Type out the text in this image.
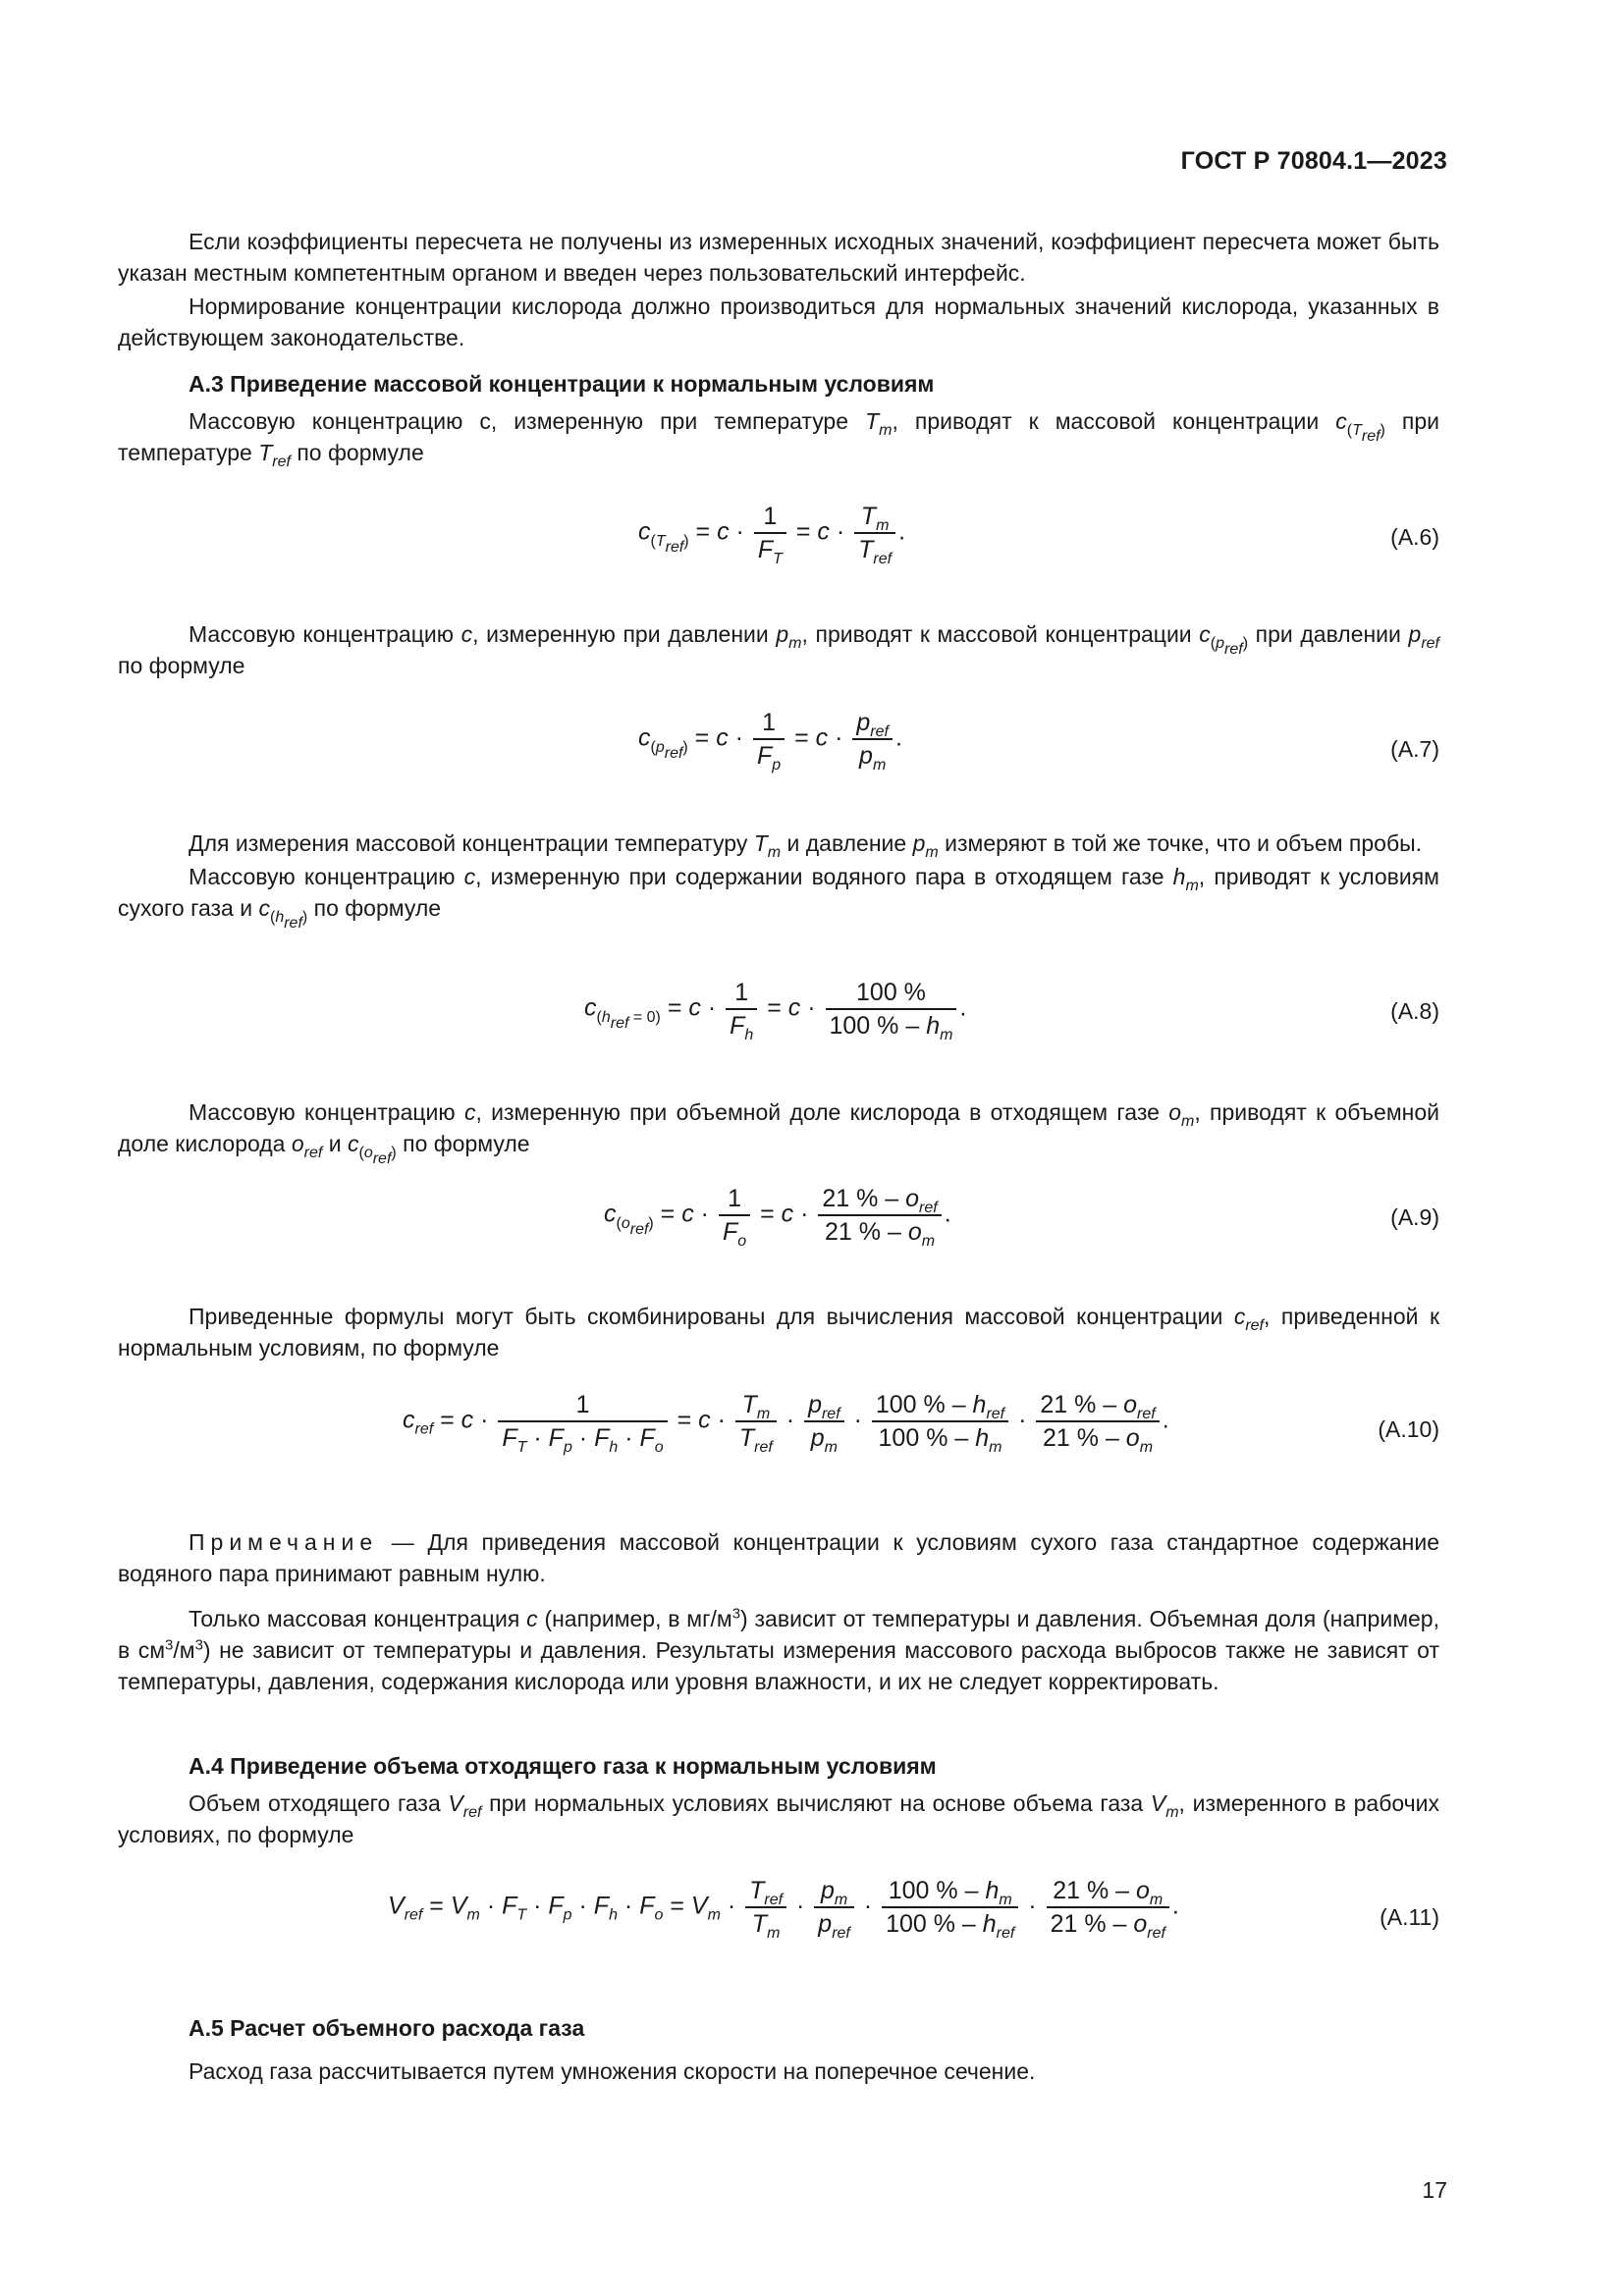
ГОСТ Р 70804.1—2023

Если коэффициенты пересчета не получены из измеренных исходных значений, коэффициент пересчета может быть указан местным компетентным органом и введен через пользовательский интерфейс.

Нормирование концентрации кислорода должно производиться для нормальных значений кислорода, указанных в действующем законодательстве.

А.3 Приведение массовой концентрации к нормальным условиям

Массовую концентрацию с, измеренную при температуре $T_m$, приводят к массовой концентрации $c_{(T_{ref})}$ при температуре $T_{ref}$ по формуле

$c_{(T_{ref})} = c \cdot \frac{1}{F_T} = c$ ·
$T_m$
$T_{ref}$
.	(А.6)

Массовую концентрацию c, измеренную при давлении $p_m$, приводят к массовой концентрации $c_{(p_{ref})}$ при давлении $p_{ref}$ по формуле

$c_{(p_{ref})} = c \cdot \frac{1}{F_p} = c$ ·
$p_{ref}$
$p_m$
.	(А.7)

Для измерения массовой концентрации температуру $T_m$ и давление $p_m$ измеряют в той же точке, что и объем пробы.

Массовую концентрацию c, измеренную при содержании водяного пара в отходящем газе $h_m$, приводят к условиям сухого газа и $c_{(h_{ref})}$ по формуле

$c_{(h_{ref} = 0)} = c \cdot \frac{1}{F_h} = c \cdot \frac{100 \%}{100 \% - h_m}$ .	(А.8)

Массовую концентрацию c, измеренную при объемной доле кислорода в отходящем газе $o_m$, приводят к объемной доле кислорода $o_{ref}$ и $c_{(o_{ref})}$ по формуле

$c_{(o_{ref})} = c \cdot \frac{1}{F_o} = c$ ·
21 % – $o_{ref}$
21 % – $o_m$
.	(А.9)

Приведенные формулы могут быть скомбинированы для вычисления массовой концентрации $c_{ref}$, приведенной к нормальным условиям, по формуле

$c_{ref} = c \cdot \frac{1}{F_T \cdot F_p \cdot F_h \cdot F_o} = c$ ·
$T_m$
$T_{ref}$
·
$p_{ref}$
$p_m$
·
100 % – $h_{ref}$
100 % – $h_m$
·
21 % – $o_{ref}$
21 % – $o_m$
.	(А.10)

Примечание — Для приведения массовой концентрации к условиям сухого газа стандартное содержание водяного пара принимают равным нулю.

Только массовая концентрация c (например, в $мг/м^3$) зависит от температуры и давления. Объемная доля (например, в $см^3/м^3$) не зависит от температуры и давления. Результаты измерения массового расхода выбросов также не зависят от температуры, давления, содержания кислорода или уровня влажности, и их не следует корректировать.

А.4 Приведение объема отходящего газа к нормальным условиям

Объем отходящего газа $V_{ref}$ при нормальных условиях вычисляют на основе объема газа $V_m$, измеренного в рабочих условиях, по формуле

$V_{ref} = V_m \cdot F_T \cdot F_p \cdot F_h \cdot F_o = V_m$ ·
$T_{ref}$
$T_m$
·
$p_m$
$p_{ref}$
·
100 % – $h_m$
100 % – $h_{ref}$
·
21 % – $o_m$
21 % – $o_{ref}$
.	(А.11)
А.5 Расчет объемного расхода газа

Расход газа рассчитывается путем умножения скорости на поперечное сечение.

17
